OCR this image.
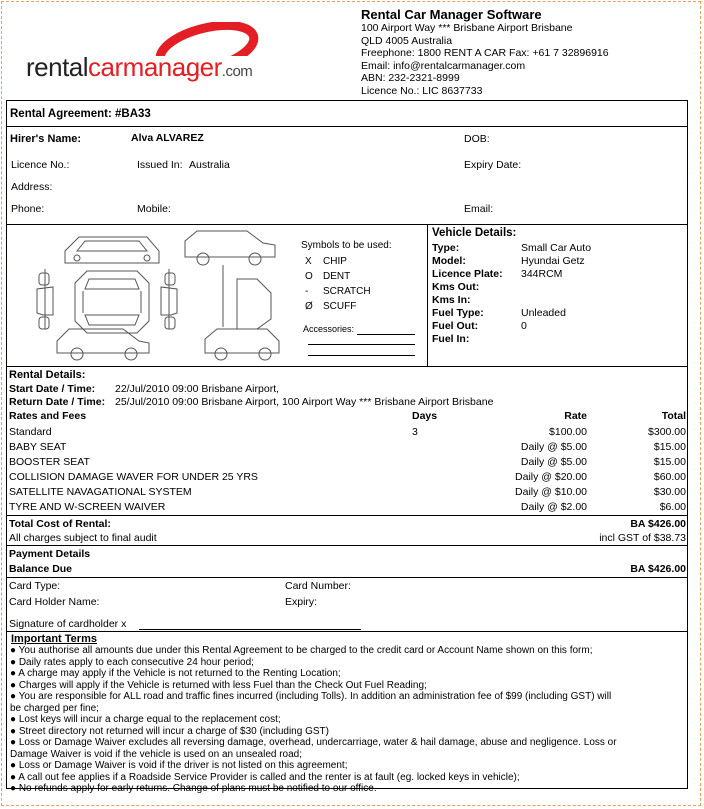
rentalcarmanager.com
Rental Car Manager Software
100 Airport Way *** Brisbane Airport Brisbane
QLD 4005 Australia
Freephone: 1800 RENT A CAR Fax: +61 7 32896916
Email: info@rentalcarmanager.com
ABN: 232-2321-8999
Licence No.: LIC 8637733
Rental Agreement: #BA33
Hirer's Name:	Alva ALVAREZ	DOB:
Licence No.:	Issued In: Australia	Expiry Date:
Address:
Phone:	Mobile:	Email:
Symbols to be used:
X CHIP
O DENT
- SCRATCH
Ø SCUFF
Accessories:
Vehicle Details:
Type:	Small Car Auto
Model:	Hyundai Getz
Licence Plate: 344RCM
Kms Out:
Kms In:
Fuel Type:	Unleaded
Fuel Out:	0
Fuel In:
Rental Details:
Start Date / Time: 22/Jul/2010 09:00 Brisbane Airport,
Return Date / Time: 25/Jul/2010 09:00 Brisbane Airport, 100 Airport Way *** Brisbane Airport Brisbane
Rates and Fees	Days	Rate	Total
Standard	3	$100.00	$300.00
BABY SEAT	Daily @ $5.00	$15.00
BOOSTER SEAT	Daily @ $5.00	$15.00
COLLISION DAMAGE WAVER FOR UNDER 25 YRS	Daily @ $20.00	$60.00
SATELLITE NAVAGATIONAL SYSTEM	Daily @ $10.00	$30.00
TYRE AND W-SCREEN WAIVER	Daily @ $2.00	$6.00
Total Cost of Rental:	BA $426.00
All charges subject to final audit	incl GST of $38.73
Payment Details
Balance Due	BA $426.00
Card Type:	Card Number:
Card Holder Name:	Expiry:
Signature of cardholder x
Important Terms
● You authorise all amounts due under this Rental Agreement to be charged to the credit card or Account Name shown on this form;
● Daily rates apply to each consecutive 24 hour period;
● A charge may apply if the Vehicle is not returned to the Renting Location;
● Charges will apply if the Vehicle is returned with less Fuel than the Check Out Fuel Reading;
● You are responsible for ALL road and traffic fines incurred (including Tolls). In addition an administration fee of $99 (including GST) will
be charged per fine;
● Lost keys will incur a charge equal to the replacement cost;
● Street directory not returned will incur a charge of $30 (including GST)
● Loss or Damage Waiver excludes all reversing damage, overhead, undercarriage, water & hail damage, abuse and negligence. Loss or
Damage Waiver is void if the vehicle is used on an unsealed road;
● Loss or Damage Waiver is void if the driver is not listed on this agreement;
● A call out fee applies if a Roadside Service Provider is called and the renter is at fault (eg. locked keys in vehicle);
● No refunds apply for early returns. Change of plans must be notified to our office.
